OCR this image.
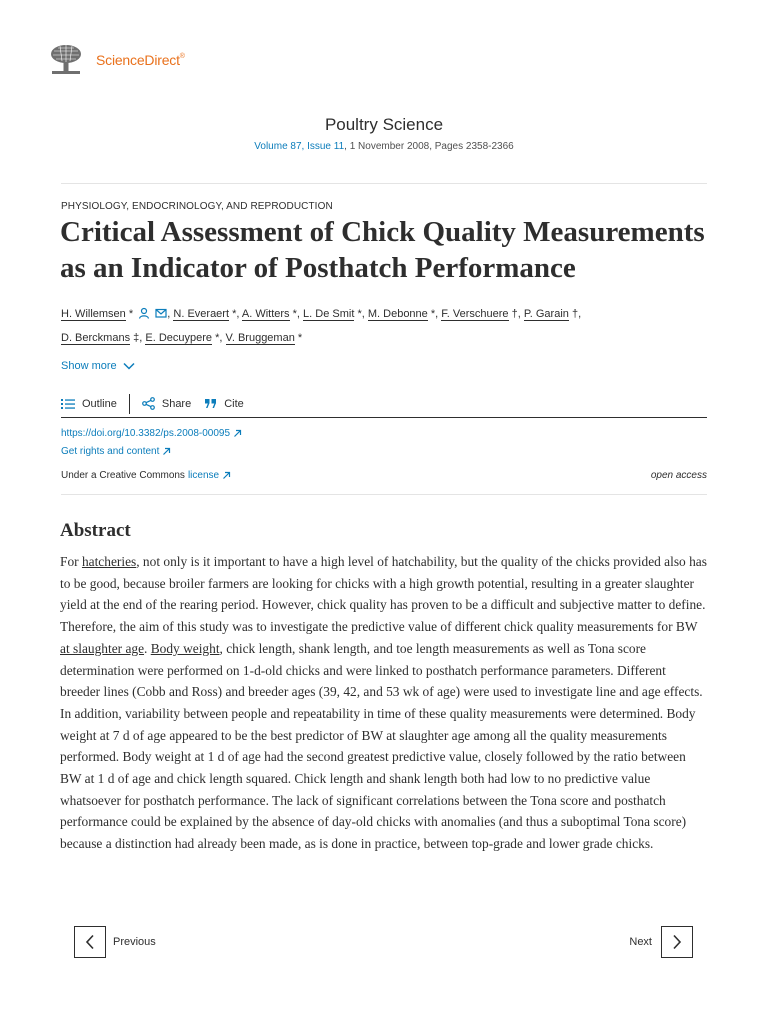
ScienceDirect®
Poultry Science
Volume 87, Issue 11, 1 November 2008, Pages 2358-2366
PHYSIOLOGY, ENDOCRINOLOGY, AND REPRODUCTION
Critical Assessment of Chick Quality Measurements as an Indicator of Posthatch Performance
H. Willemsen *	, N. Everaert *, A. Witters *, L. De Smit *, M. Debonne *, F. Verschuere †, P. Garain †,
D. Berckmans ‡, E. Decuypere *, V. Bruggeman *
Show more
Outline	Share	Cite
https://doi.org/10.3382/ps.2008-00095
Get rights and content
Under a Creative Commons license	open access
Abstract
For hatcheries, not only is it important to have a high level of hatchability, but the quality of the chicks provided also has to be good, because broiler farmers are looking for chicks with a high growth potential, resulting in a greater slaughter yield at the end of the rearing period. However, chick quality has proven to be a difficult and subjective matter to define. Therefore, the aim of this study was to investigate the predictive value of different chick quality measurements for BW at slaughter age. Body weight, chick length, shank length, and toe length measurements as well as Tona score determination were performed on 1-d-old chicks and were linked to posthatch performance parameters. Different breeder lines (Cobb and Ross) and breeder ages (39, 42, and 53 wk of age) were used to investigate line and age effects. In addition, variability between people and repeatability in time of these quality measurements were determined. Body weight at 7 d of age appeared to be the best predictor of BW at slaughter age among all the quality measurements performed. Body weight at 1 d of age had the second greatest predictive value, closely followed by the ratio between BW at 1 d of age and chick length squared. Chick length and shank length both had low to no predictive value whatsoever for posthatch performance. The lack of significant correlations between the Tona score and posthatch performance could be explained by the absence of day-old chicks with anomalies (and thus a suboptimal Tona score) because a distinction had already been made, as is done in practice, between top-grade and lower grade chicks.
Previous	Next
